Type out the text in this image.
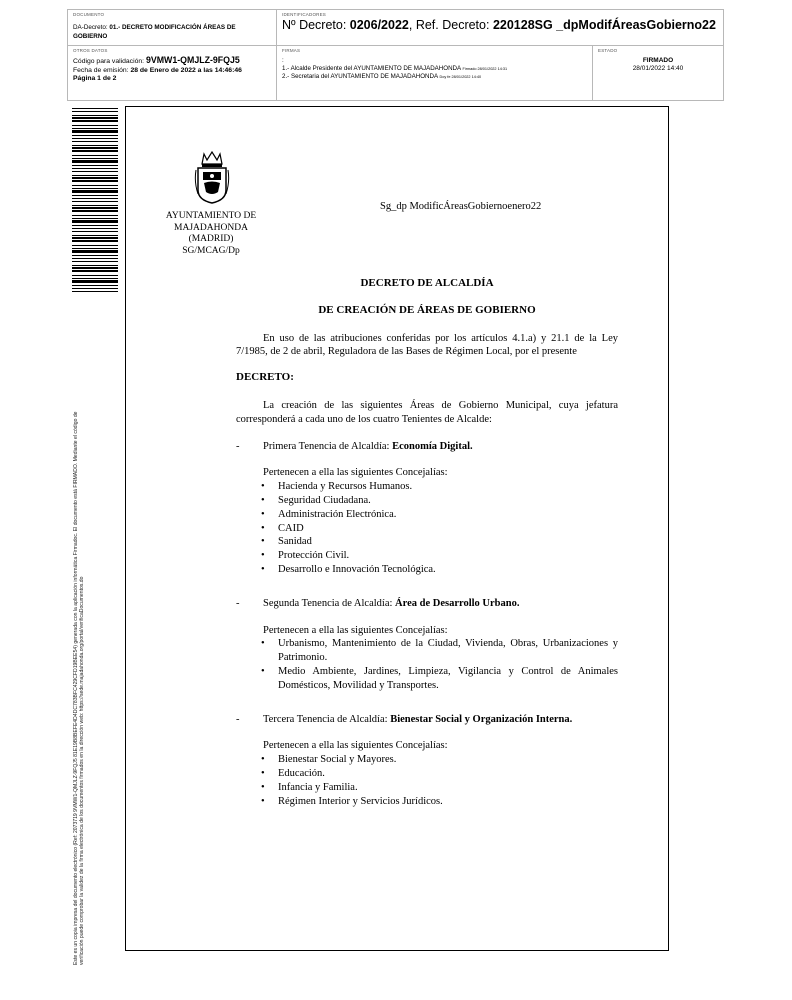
DOCUMENTO
DA-Decreto: 01.- DECRETO MODIFICACIÓN ÁREAS DE GOBIERNO
IDENTIFICADORES
Nº Decreto: 0206/2022, Ref. Decreto: 220128SG _dpModifÁreasGobierno22
OTROS DATOS
Código para validación: 9VMW1-QMJLZ-9FQJ5
Fecha de emisión: 28 de Enero de 2022 a las 14:46:46
Página 1 de 2
FIRMAS
:
1.- Alcalde Presidente del AYUNTAMIENTO DE MAJADAHONDA Firmado 28/01/2022 14:31
2.- Secretaria del AYUNTAMIENTO DE MAJADAHONDA Doy fe 28/01/2022 14:40
ESTADO
FIRMADO
28/01/2022 14:40
Este es un copia impresa del documento electrónico (Ref: 2073719 9VMW1-QMJLZ-9FQJ5 81E19B8BEFE4D4DC783BFC429CFD19BEE54) generada con la aplicación informática Firmadoc. El documento está FIRMADO. Mediante el código de verificación puede comprobar la validez de la firma electrónica de los documentos firmados en la dirección web: https://sede.majadahonda.org/portal/verificaDocumentos.do
AYUNTAMIENTO DE
MAJADAHONDA
(MADRID)
SG/MCAG/Dp
Sg_dp ModificÁreasGobiernoenero22

DECRETO DE ALCALDÍA

DE CREACIÓN DE ÁREAS DE GOBIERNO

En uso de las atribuciones conferidas por los artículos 4.1.a) y 21.1 de la Ley 7/1985, de 2 de abril, Reguladora de las Bases de Régimen Local, por el presente

DECRETO:

La creación de las siguientes Áreas de Gobierno Municipal, cuya jefatura corresponderá a cada uno de los cuatro Tenientes de Alcalde:

- Primera Tenencia de Alcaldía: Economía Digital.

Pertenecen a ella las siguientes Concejalías:

• Hacienda y Recursos Humanos.
• Seguridad Ciudadana.
• Administración Electrónica.
• CAID
• Sanidad
• Protección Civil.
• Desarrollo e Innovación Tecnológica.

- Segunda Tenencia de Alcaldía: Área de Desarrollo Urbano.

Pertenecen a ella las siguientes Concejalías:

• Urbanismo, Mantenimiento de la Ciudad, Vivienda, Obras, Urbanizaciones y Patrimonio.
• Medio Ambiente, Jardines, Limpieza, Vigilancia y Control de Animales Domésticos, Movilidad y Transportes.

- Tercera Tenencia de Alcaldía: Bienestar Social y Organización Interna.

Pertenecen a ella las siguientes Concejalías:

• Bienestar Social y Mayores.
• Educación.
• Infancia y Familia.
• Régimen Interior y Servicios Jurídicos.
